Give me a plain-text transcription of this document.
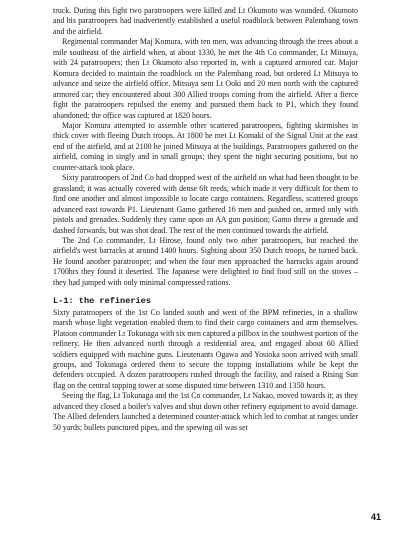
truck. During this fight two paratroopers were killed and Lt Okumoto was wounded. Okumoto and his paratroopers had inadvertently established a useful roadblock between Palembang town and the airfield.

Regimental commander Maj Komura, with ten men, was advancing through the trees about a mile southeast of the airfield when, at about 1330, he met the 4th Co commander, Lt Mitsuya, with 24 paratroopers; then Lt Okumoto also reported in, with a captured armored car. Major Komura decided to maintain the roadblock on the Palembang road, but ordered Lt Mitsuya to advance and seize the airfield office. Mitsuya sent Lt Ooki and 20 men north with the captured armored car; they encountered about 300 Allied troops coming from the airfield. After a fierce fight the paratroopers repulsed the enemy and pursued them back to P1, which they found abandoned; the office was captured at 1820 hours.

Major Komura attempted to assemble other scattered paratroopers, fighting skirmishes in thick cover with fleeing Dutch troops. At 1800 he met Lt Komaki of the Signal Unit at the east end of the airfield, and at 2100 he joined Mitsuya at the buildings. Paratroopers gathered on the airfield, coming in singly and in small groups; they spent the night securing positions, but no counter-attack took place.

Sixty paratroopers of 2nd Co had dropped west of the airfield on what had been thought to be grassland; it was actually covered with dense 6ft reeds, which made it very difficult for them to find one another and almost impossible to locate cargo containers. Regardless, scattered groups advanced east towards P1. Lieutenant Gamo gathered 16 men and pushed on, armed only with pistols and grenades. Suddenly they came upon an AA gun position; Gamo threw a grenade and dashed forwards, but was shot dead. The rest of the men continued towards the airfield.

The 2nd Co commander, Lt Hirose, found only two other paratroopers, but reached the airfield's west barracks at around 1400 hours. Sighting about 350 Dutch troops, he turned back. He found another paratrooper; and when the four men approached the barracks again around 1700hrs they found it deserted. The Japanese were delighted to find food still on the stoves – they had jumped with only minimal compressed rations.

L-1: the refineries

Sixty paratroopers of the 1st Co landed south and west of the BPM refineries, in a shallow marsh whose light vegetation enabled them to find their cargo containers and arm themselves. Platoon commander Lt Tokunaga with six men captured a pillbox in the southwest portion of the refinery. He then advanced north through a residential area, and engaged about 60 Allied soldiers equipped with machine guns. Lieutenants Ogawa and Yosioka soon arrived with small groups, and Tokunaga ordered them to secure the topping installations while he kept the defenders occupied. A dozen paratroopers rushed through the facility, and raised a Rising Sun flag on the central topping tower at some disputed time between 1310 and 1350 hours.

Seeing the flag, Lt Tokunaga and the 1st Co commander, Lt Nakao, moved towards it; as they advanced they closed a boiler's valves and shut down other refinery equipment to avoid damage. The Allied defenders launched a determined counter-attack which led to combat at ranges under 50 yards; bullets punctured pipes, and the spewing oil was set

41
